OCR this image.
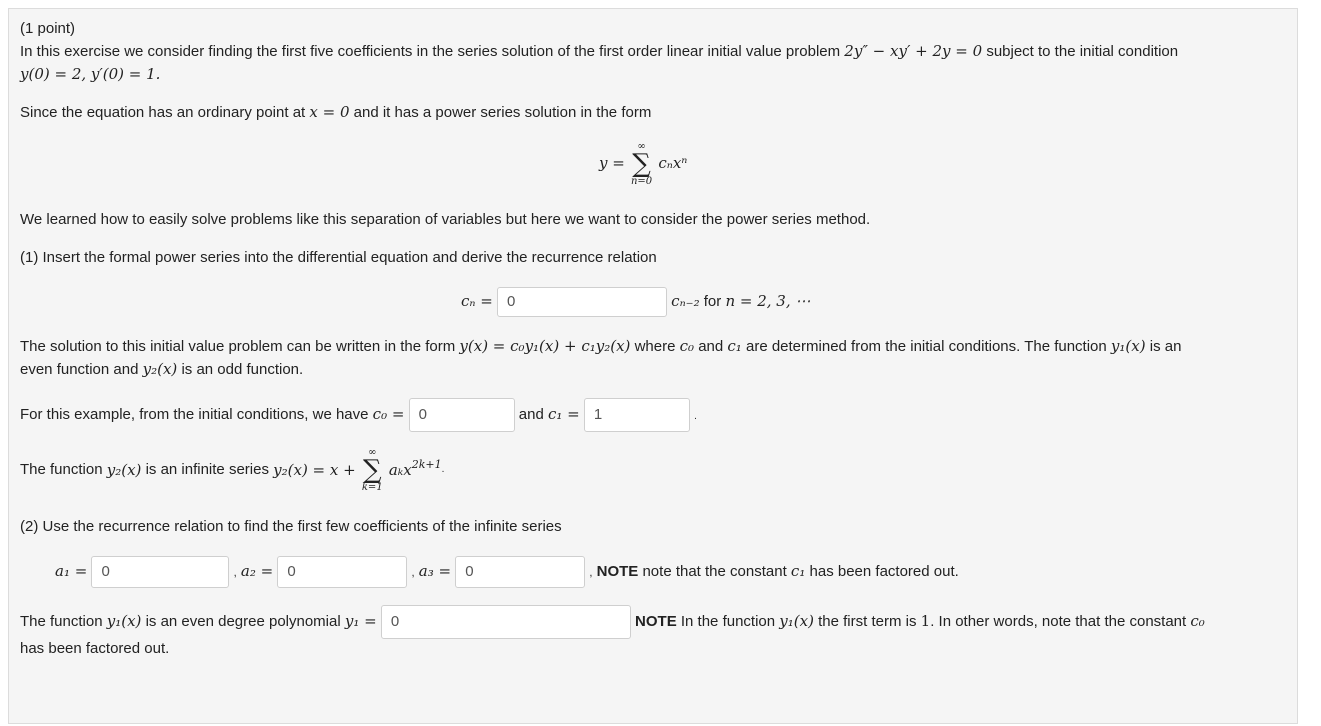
(1 point)
In this exercise we consider finding the first five coefficients in the series solution of the first order linear initial value problem 2y″ − xy′ + 2y = 0 subject to the initial condition
y(0) = 2, y′(0) = 1.
Since the equation has an ordinary point at x = 0 and it has a power series solution in the form
y =
∞
∑
n=0
cₙxⁿ
We learned how to easily solve problems like this separation of variables but here we want to consider the power series method.
(1) Insert the formal power series into the differential equation and derive the recurrence relation
cₙ = 0	cₙ₋₂ for n = 2, 3, ⋯
The solution to this initial value problem can be written in the form y(x) = c₀y₁(x) + c₁y₂(x) where c₀ and c₁ are determined from the initial conditions. The function y₁(x) is an
even function and y₂(x) is an odd function.
For this example, from the initial conditions, we have c₀ = 0	and c₁ = 1	.
The function y₂(x) is an infinite series y₂(x) = x +
∞
∑
k=1
aₖx$^{2k+1}$.
(2) Use the recurrence relation to find the first few coefficients of the infinite series
a₁ = 0	, a₂ = 0	, a₃ = 0	, NOTE note that the constant c₁ has been factored out.
The function y₁(x) is an even degree polynomial y₁ = 0	NOTE In the function y₁(x) the first term is 1. In other words, note that the constant c₀
has been factored out.
